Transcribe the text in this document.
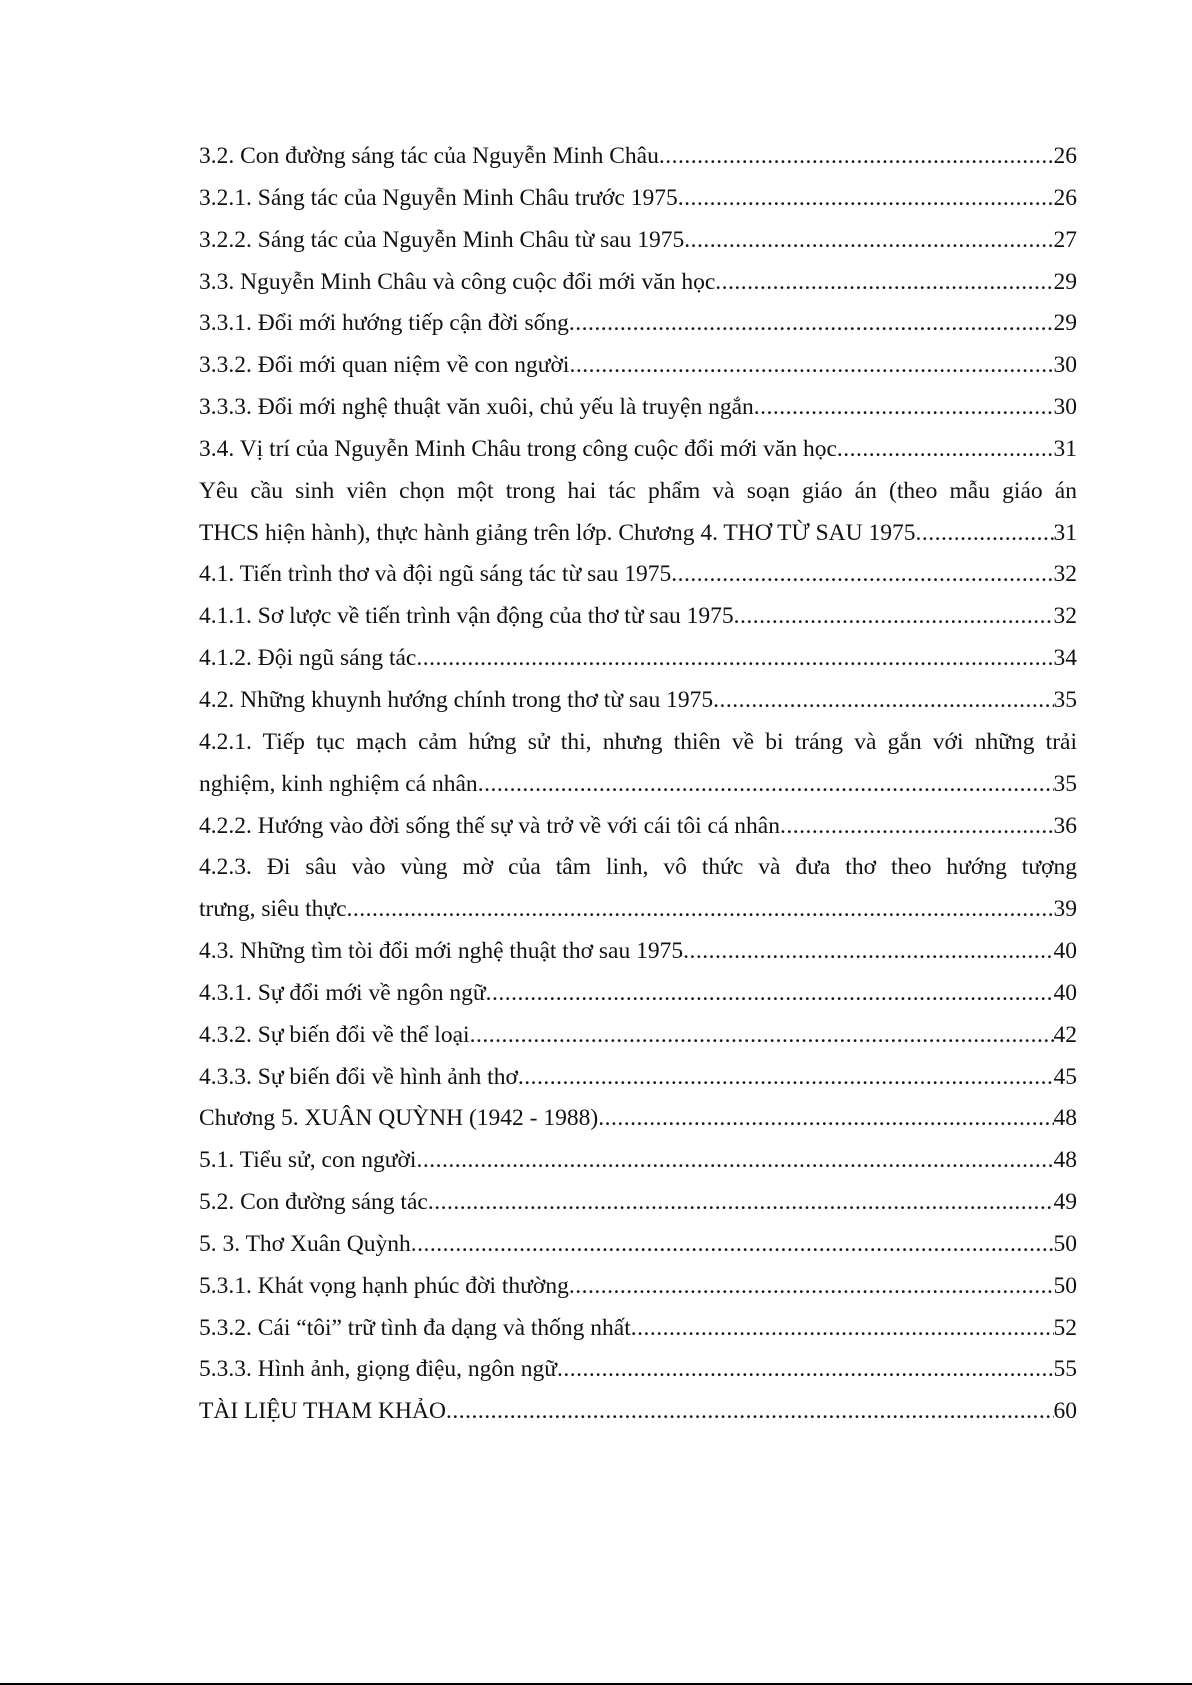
3.2. Con đường sáng tác của Nguyễn Minh Châu .....	26
3.2.1. Sáng tác của Nguyễn Minh Châu trước 1975 .....	26
3.2.2. Sáng tác của Nguyễn Minh Châu từ sau 1975 .....	27
3.3. Nguyễn Minh Châu và công cuộc đổi mới văn học .....	29
3.3.1. Đổi mới hướng tiếp cận đời sống .....	29
3.3.2. Đổi mới quan niệm về con người .....	30
3.3.3. Đổi mới nghệ thuật văn xuôi, chủ yếu là truyện ngắn .....	30
3.4. Vị trí của Nguyễn Minh Châu trong công cuộc đổi mới văn học .....	31
Yêu cầu sinh viên chọn một trong hai tác phẩm và soạn giáo án (theo mẫu giáo án
THCS hiện hành), thực hành giảng trên lớp. Chương 4. THƠ TỪ SAU 1975 .....	31
4.1. Tiến trình thơ và đội ngũ sáng tác từ sau 1975 .....	32
4.1.1. Sơ lược về tiến trình vận động của thơ từ sau 1975 .....	32
4.1.2. Đội ngũ sáng tác .....	34
4.2. Những khuynh hướng chính trong thơ từ sau 1975 .....	35
4.2.1. Tiếp tục mạch cảm hứng sử thi, nhưng thiên về bi tráng và gắn với những trải
nghiệm, kinh nghiệm cá nhân .....	35
4.2.2. Hướng vào đời sống thế sự và trở về với cái tôi cá nhân .....	36
4.2.3. Đi sâu vào vùng mờ của tâm linh, vô thức và đưa thơ theo hướng tượng
trưng, siêu thực .....	39
4.3. Những tìm tòi đổi mới nghệ thuật thơ sau 1975 .....	40
4.3.1. Sự đổi mới về ngôn ngữ .....	40
4.3.2. Sự biến đổi về thể loại .....	42
4.3.3. Sự biến đổi về hình ảnh thơ .....	45
Chương 5. XUÂN QUỲNH (1942 - 1988) .....	48
5.1. Tiểu sử, con người .....	48
5.2. Con đường sáng tác .....	49
5. 3. Thơ Xuân Quỳnh .....	50
5.3.1. Khát vọng hạnh phúc đời thường .....	50
5.3.2. Cái “tôi” trữ tình đa dạng và thống nhất .....	52
5.3.3. Hình ảnh, giọng điệu, ngôn ngữ .....	55
TÀI LIỆU THAM KHẢO .....	60
